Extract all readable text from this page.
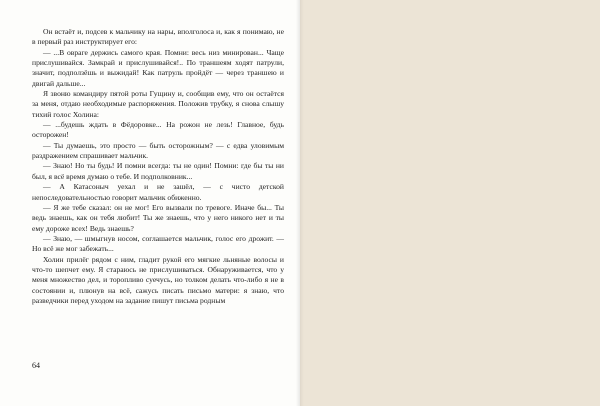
Он встаёт и, подсев к мальчику на нары, вполголоса и, как я понимаю, не в первый раз инструктирует его:

— ...В овраге держись самого края. Помни: весь низ минирован... Чаще прислушивайся. Замкрай и прислушивайся!.. По траншеям ходят патрули, значит, подползёшь и выжидай! Как патруль пройдёт — через траншею и двигай дальше...

Я звоню командиру пятой роты Гущину и, сообщив ему, что он остаётся за меня, отдаю необходимые распоряжения. Положив трубку, я снова слышу тихий голос Холина:

— ...будешь ждать в Фёдоровке... На рожон не лезь! Главное, будь осторожен!

— Ты думаешь, это просто — быть осторожным? — с едва уловимым раздражением спрашивает мальчик.

— Знаю! Но ты будь! И помни всегда: ты не один! Помни: где бы ты ни был, я всё время думаю о тебе. И подполковник...

— А Катасоныч уехал и не зашёл, — с чисто детской непоследовательностью говорит мальчик обиженно.

— Я же тебе сказал: он не мог! Его вызвали по тревоге. Иначе бы... Ты ведь знаешь, как он тебя любит! Ты же знаешь, что у него никого нет и ты ему дороже всех! Ведь знаешь?

— Знаю, — шмыгнув носом, соглашается мальчик, голос его дрожит. — Но всё же мог забежать...

Холин прилёг рядом с ним, гладит рукой его мягкие льняные волосы и что-то шепчет ему. Я стараюсь не прислушиваться. Обнаруживается, что у меня множество дел, и торопливо суечусь, но толком делать что-либо я не в состоянии и, плюнув на всё, сажусь писать письмо матери: я знаю, что разведчики перед уходом на задание пишут письма родным

64
